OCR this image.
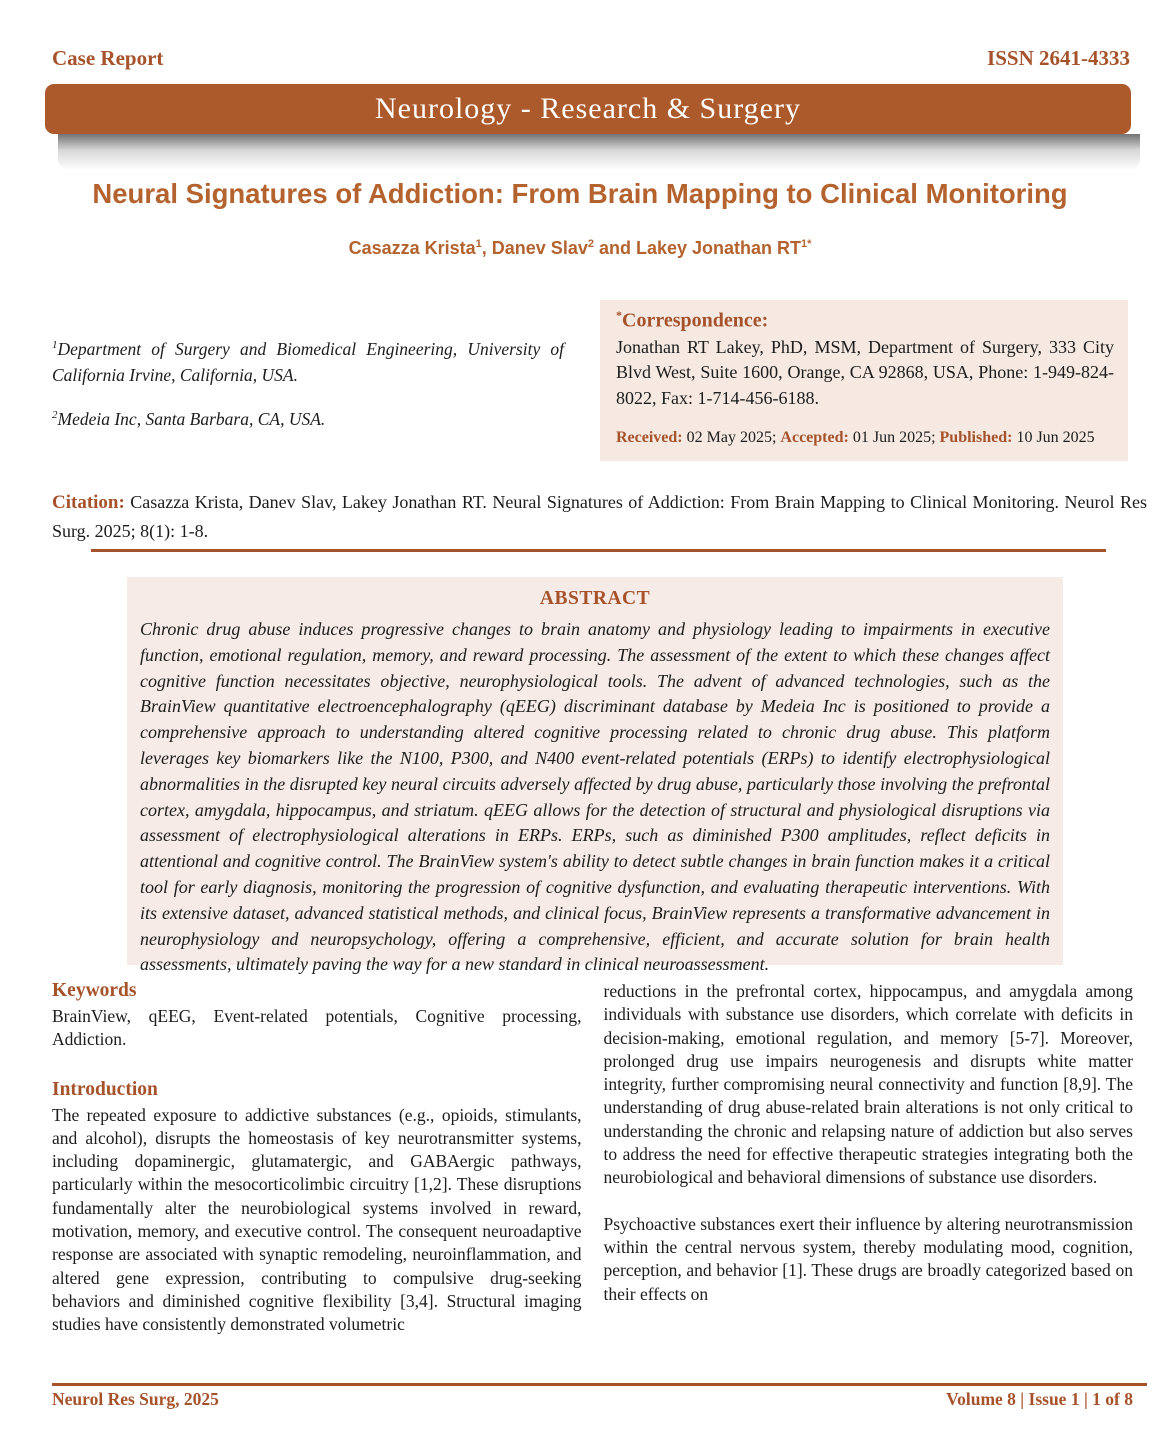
Case Report	ISSN 2641-4333
Neurology - Research & Surgery
Neural Signatures of Addiction: From Brain Mapping to Clinical Monitoring
Casazza Krista$^1$, Danev Slav$^2$ and Lakey Jonathan $RT^{1*}$

$^1$Department of Surgery and Biomedical Engineering, University of California Irvine, California, USA.

$^2$Medeia Inc, Santa Barbara, CA, USA.

*Correspondence:

Jonathan RT Lakey, PhD, MSM, Department of Surgery, 333 City Blvd West, Suite 1600, Orange, CA 92868, USA, Phone: 1-949-824-8022, Fax: 1-714-456-6188.

Received: 02 May 2025; Accepted: 01 Jun 2025; Published: 10 Jun 2025

Citation: Casazza Krista, Danev Slav, Lakey Jonathan RT. Neural Signatures of Addiction: From Brain Mapping to Clinical Monitoring. Neurol Res Surg. 2025; 8(1): 1-8.

ABSTRACT

Chronic drug abuse induces progressive changes to brain anatomy and physiology leading to impairments in executive function, emotional regulation, memory, and reward processing. The assessment of the extent to which these changes affect cognitive function necessitates objective, neurophysiological tools. The advent of advanced technologies, such as the BrainView quantitative electroencephalography (qEEG) discriminant database by Medeia Inc is positioned to provide a comprehensive approach to understanding altered cognitive processing related to chronic drug abuse. This platform leverages key biomarkers like the N100, P300, and N400 event-related potentials (ERPs) to identify electrophysiological abnormalities in the disrupted key neural circuits adversely affected by drug abuse, particularly those involving the prefrontal cortex, amygdala, hippocampus, and striatum. qEEG allows for the detection of structural and physiological disruptions via assessment of electrophysiological alterations in ERPs. ERPs, such as diminished P300 amplitudes, reflect deficits in attentional and cognitive control. The BrainView system's ability to detect subtle changes in brain function makes it a critical tool for early diagnosis, monitoring the progression of cognitive dysfunction, and evaluating therapeutic interventions. With its extensive dataset, advanced statistical methods, and clinical focus, BrainView represents a transformative advancement in neurophysiology and neuropsychology, offering a comprehensive, efficient, and accurate solution for brain health assessments, ultimately paving the way for a new standard in clinical neuroassessment.

Keywords

BrainView, qEEG, Event-related potentials, Cognitive processing, Addiction.

Introduction

The repeated exposure to addictive substances (e.g., opioids, stimulants, and alcohol), disrupts the homeostasis of key neurotransmitter systems, including dopaminergic, glutamatergic, and GABAergic pathways, particularly within the mesocorticolimbic circuitry [1,2]. These disruptions fundamentally alter the neurobiological systems involved in reward, motivation, memory, and executive control. The consequent neuroadaptive response are associated with synaptic remodeling, neuroinflammation, and altered gene expression, contributing to compulsive drug-seeking behaviors and diminished cognitive flexibility [3,4]. Structural imaging studies have consistently demonstrated volumetric

reductions in the prefrontal cortex, hippocampus, and amygdala among individuals with substance use disorders, which correlate with deficits in decision-making, emotional regulation, and memory [5-7]. Moreover, prolonged drug use impairs neurogenesis and disrupts white matter integrity, further compromising neural connectivity and function [8,9]. The understanding of drug abuse-related brain alterations is not only critical to understanding the chronic and relapsing nature of addiction but also serves to address the need for effective therapeutic strategies integrating both the neurobiological and behavioral dimensions of substance use disorders.

Psychoactive substances exert their influence by altering neurotransmission within the central nervous system, thereby modulating mood, cognition, perception, and behavior [1]. These drugs are broadly categorized based on their effects on

Neurol Res Surg, 2025	Volume 8 | Issue 1 | 1 of 8
